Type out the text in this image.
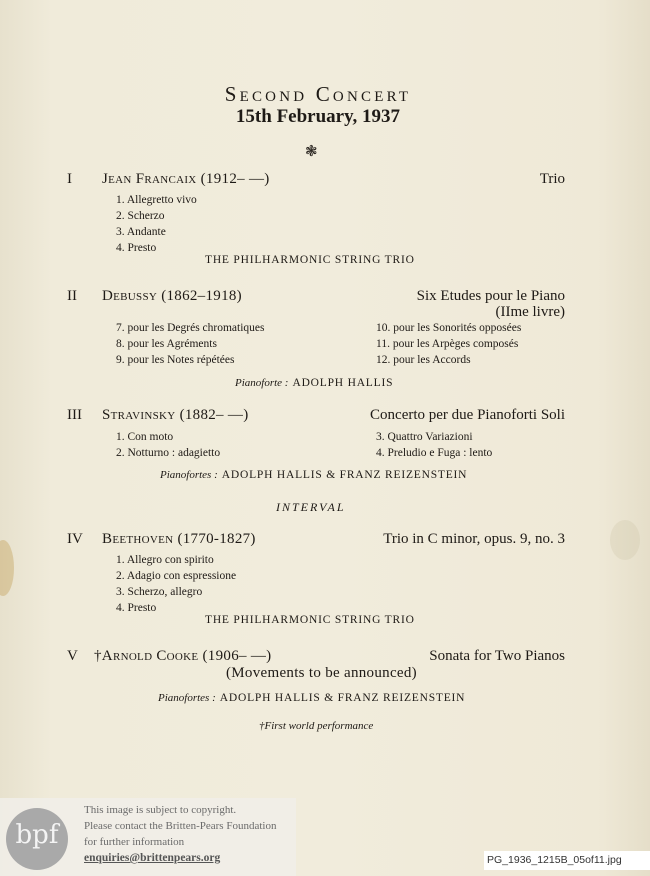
Second Concert
15th February, 1937
❃
I Jean Francaix (1912– —)	Trio
1. Allegretto vivo
2. Scherzo
3. Andante
4. Presto
THE PHILHARMONIC STRING TRIO
II Debussy (1862–1918)	Six Etudes pour le Piano
(IIme livre)
7. pour les Degrés chromatiques
8. pour les Agréments
9. pour les Notes répétées
10. pour les Sonorités opposées
11. pour les Arpèges composés
12. pour les Accords
Pianoforte : ADOLPH HALLIS
III Stravinsky (1882– —)	Concerto per due Pianoforti Soli
1. Con moto
2. Notturno : adagietto
3. Quattro Variazioni
4. Preludio e Fuga : lento
Pianofortes : ADOLPH HALLIS & FRANZ REIZENSTEIN
INTERVAL
IV Beethoven (1770-1827)	Trio in C minor, opus. 9, no. 3
1. Allegro con spirito
2. Adagio con espressione
3. Scherzo, allegro
4. Presto
THE PHILHARMONIC STRING TRIO
V †Arnold Cooke (1906– —)	Sonata for Two Pianos
(Movements to be announced)
Pianofortes : ADOLPH HALLIS & FRANZ REIZENSTEIN
†First world performance
bpf
This image is subject to copyright.
Please contact the Britten-Pears Foundation
for further information
enquiries@brittenpears.org	PG_1936_1215B_05of11.jpg
